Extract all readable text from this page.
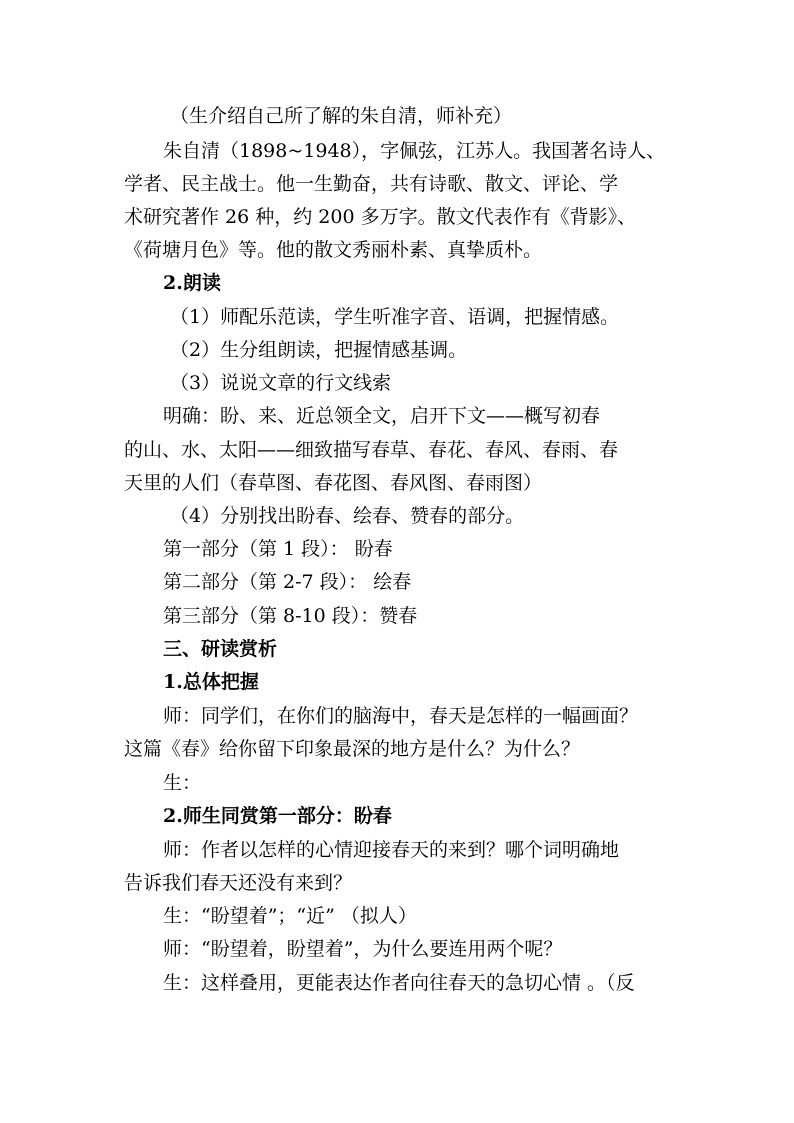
（生介绍自己所了解的朱自清，师补充）
朱自清（1898~1948），字佩弦，江苏人。我国著名诗人、
学者、民主战士。他一生勤奋，共有诗歌、散文、评论、学
术研究著作 26 种，约 200 多万字。散文代表作有《背影》、
《荷塘月色》等。他的散文秀丽朴素、真挚质朴。
2.朗读
（1）师配乐范读，学生听准字音、语调，把握情感。
（2）生分组朗读，把握情感基调。
（3）说说文章的行文线索
明确：盼、来、近总领全文，启开下文——概写初春
的山、水、太阳——细致描写春草、春花、春风、春雨、春
天里的人们（春草图、春花图、春风图、春雨图）
（4）分别找出盼春、绘春、赞春的部分。
第一部分（第 1 段）： 盼春
第二部分（第 2-7 段）： 绘春
第三部分（第 8-10 段）：赞春
三、研读赏析
1.总体把握
师：同学们，在你们的脑海中，春天是怎样的一幅画面？
这篇《春》给你留下印象最深的地方是什么？为什么？
生：
2.师生同赏第一部分：盼春
师：作者以怎样的心情迎接春天的来到？哪个词明确地
告诉我们春天还没有来到？
生：“盼望着”；“近” （拟人）
师：“盼望着，盼望着”，为什么要连用两个呢？
生：这样叠用，更能表达作者向往春天的急切心情 。（反
